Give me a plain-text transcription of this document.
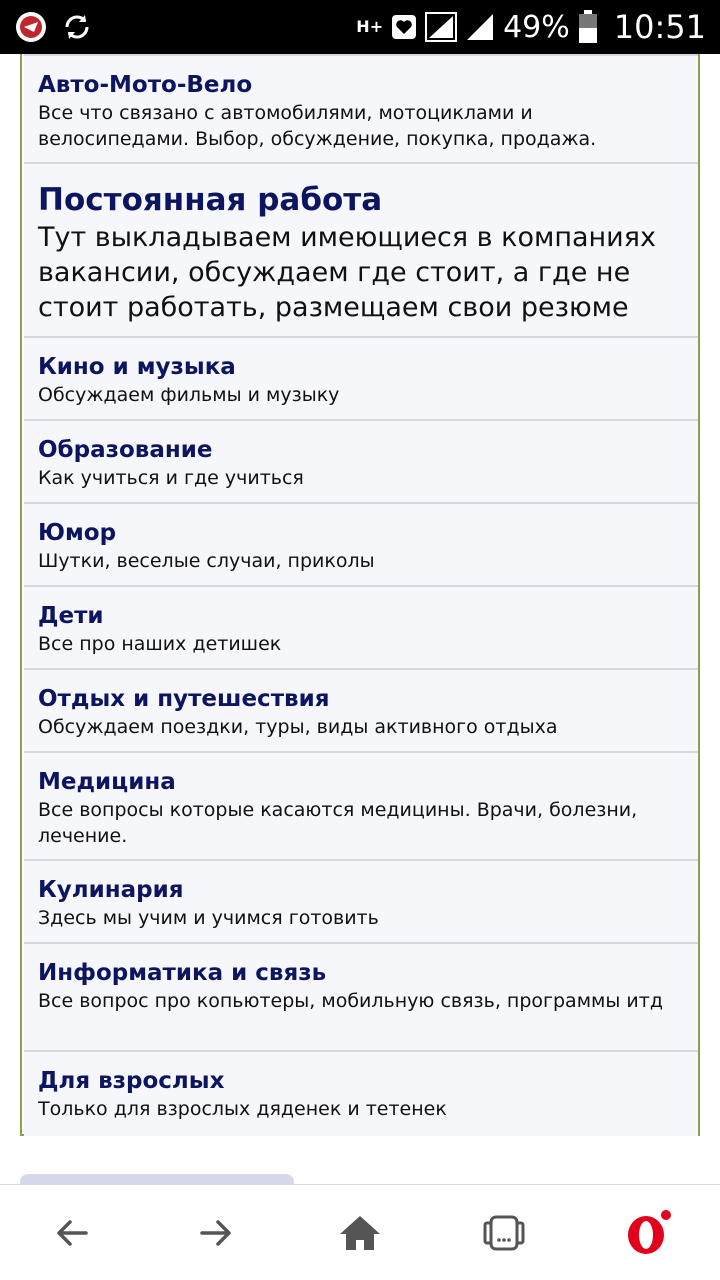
H+	49% 10:51
Авто-Мото-Вело
Все что связано с автомобилями, мотоциклами и велосипедами. Выбор, обсуждение, покупка, продажа.
Постоянная работа
Тут выкладываем имеющиеся в компаниях вакансии, обсуждаем где стоит, а где не стоит работать, размещаем свои резюме
Кино и музыка
Обсуждаем фильмы и музыку
Образование
Как учиться и где учиться
Юмор
Шутки, веселые случаи, приколы
Дети
Все про наших детишек
Отдых и путешествия
Обсуждаем поездки, туры, виды активного отдыха
Медицина
Все вопросы которые касаются медицины. Врачи, болезни, лечение.
Кулинария
Здесь мы учим и учимся готовить
Информатика и связь
Все вопрос про копьютеры, мобильную связь, программы итд
Для взрослых
Только для взрослых дяденек и тетенек
